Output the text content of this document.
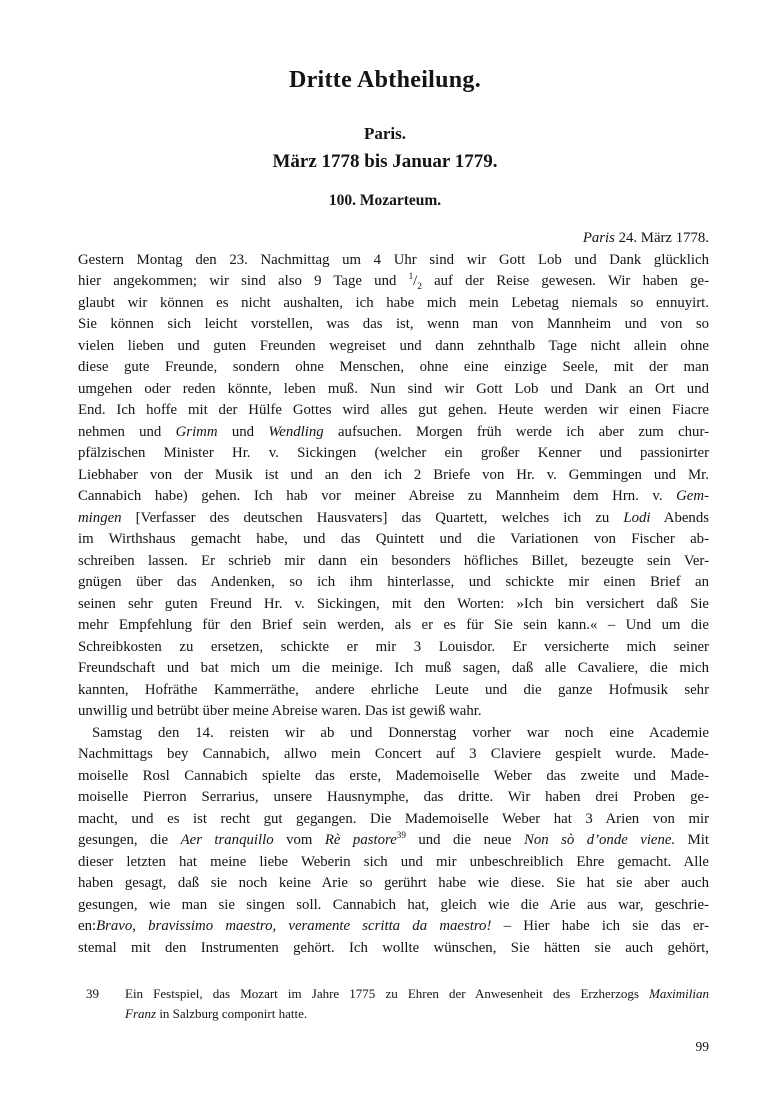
Dritte Abtheilung.
Paris.
März 1778 bis Januar 1779.
100. Mozarteum.
Paris 24. März 1778.
Gestern Montag den 23. Nachmittag um 4 Uhr sind wir Gott Lob und Dank glücklich
hier angekommen; wir sind also 9 Tage und $^1/_2$ auf der Reise gewesen. Wir haben ge-
glaubt wir können es nicht aushalten, ich habe mich mein Lebetag niemals so ennuyirt.
Sie können sich leicht vorstellen, was das ist, wenn man von Mannheim und von so
vielen lieben und guten Freunden wegreiset und dann zehnthalb Tage nicht allein ohne
diese gute Freunde, sondern ohne Menschen, ohne eine einzige Seele, mit der man
umgehen oder reden könnte, leben muß. Nun sind wir Gott Lob und Dank an Ort und
End. Ich hoffe mit der Hülfe Gottes wird alles gut gehen. Heute werden wir einen Fiacre
nehmen und Grimm und Wendling aufsuchen. Morgen früh werde ich aber zum chur-
pfälzischen Minister Hr. v. Sickingen (welcher ein großer Kenner und passionirter
Liebhaber von der Musik ist und an den ich 2 Briefe von Hr. v. Gemmingen und Mr.
Cannabich habe) gehen. Ich hab vor meiner Abreise zu Mannheim dem Hrn. v. Gem-
mingen [Verfasser des deutschen Hausvaters] das Quartett, welches ich zu Lodi Abends
im Wirthshaus gemacht habe, und das Quintett und die Variationen von Fischer ab-
schreiben lassen. Er schrieb mir dann ein besonders höfliches Billet, bezeugte sein Ver-
gnügen über das Andenken, so ich ihm hinterlasse, und schickte mir einen Brief an
seinen sehr guten Freund Hr. v. Sickingen, mit den Worten: »Ich bin versichert daß Sie
mehr Empfehlung für den Brief sein werden, als er es für Sie sein kann.« – Und um die
Schreibkosten zu ersetzen, schickte er mir 3 Louisdor. Er versicherte mich seiner
Freundschaft und bat mich um die meinige. Ich muß sagen, daß alle Cavaliere, die mich
kannten, Hofräthe Kammerräthe, andere ehrliche Leute und die ganze Hofmusik sehr
unwillig und betrübt über meine Abreise waren. Das ist gewiß wahr.
Samstag den 14. reisten wir ab und Donnerstag vorher war noch eine Academie
Nachmittags bey Cannabich, allwo mein Concert auf 3 Claviere gespielt wurde. Made-
moiselle Rosl Cannabich spielte das erste, Mademoiselle Weber das zweite und Made-
moiselle Pierron Serrarius, unsere Hausnymphe, das dritte. Wir haben drei Proben ge-
macht, und es ist recht gut gegangen. Die Mademoiselle Weber hat 3 Arien von mir
gesungen, die Aer tranquillo vom Rè pastore$^{39}$ und die neue Non sò d’onde viene. Mit
dieser letzten hat meine liebe Weberin sich und mir unbeschreiblich Ehre gemacht. Alle
haben gesagt, daß sie noch keine Arie so gerührt habe wie diese. Sie hat sie aber auch
gesungen, wie man sie singen soll. Cannabich hat, gleich wie die Arie aus war, geschrie-
en:Bravo, bravissimo maestro, veramente scritta da maestro! – Hier habe ich sie das er-
stemal mit den Instrumenten gehört. Ich wollte wünschen, Sie hätten sie auch gehört,
39	Ein Festspiel, das Mozart im Jahre 1775 zu Ehren der Anwesenheit des Erzherzogs Maximilian
Franz in Salzburg componirt hatte.
99
